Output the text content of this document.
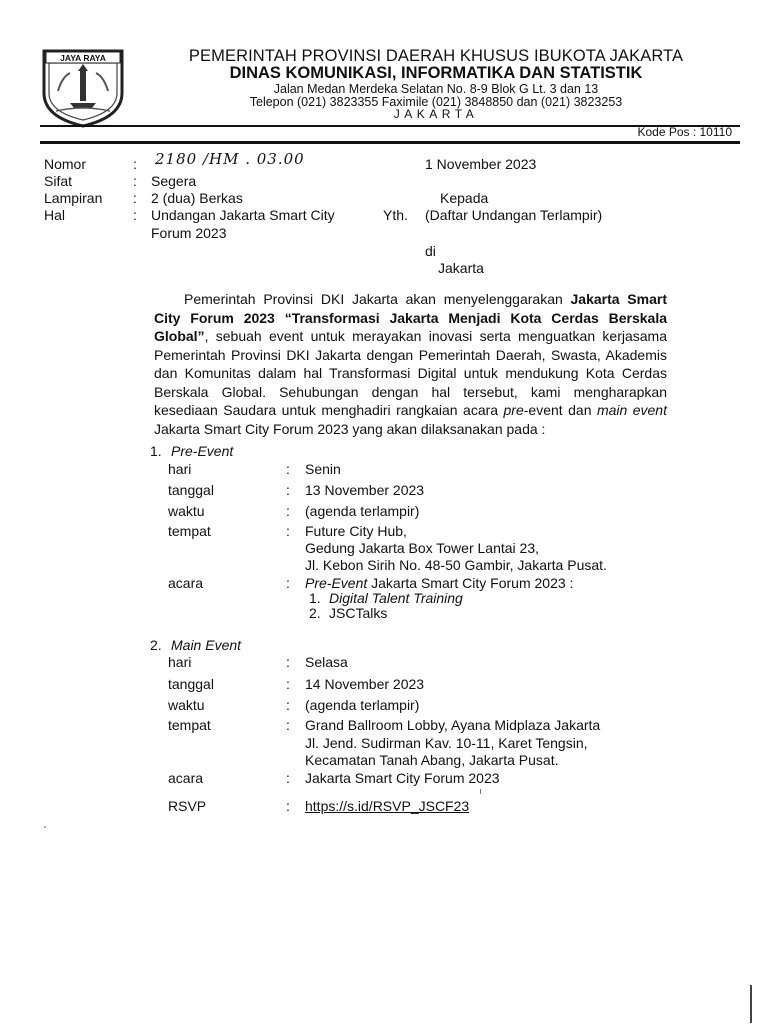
JAYA RAYA	PEMERINTAH PROVINSI DAERAH KHUSUS IBUKOTA JAKARTA
DINAS KOMUNIKASI, INFORMATIKA DAN STATISTIK
Jalan Medan Merdeka Selatan No. 8-9 Blok G Lt. 3 dan 13
Telepon (021) 3823355 Faximile (021) 3848850 dan (021) 3823253
JAKARTA
Kode Pos : 10110
Nomor	: 2180 /HM . 03.00
Sifat	: Segera
Lampiran : 2 (dua) Berkas
Hal	: Undangan Jakarta Smart City
Forum 2023
1 November 2023
Kepada
Yth. (Daftar Undangan Terlampir)
di
Jakarta
Pemerintah Provinsi DKI Jakarta akan menyelenggarakan Jakarta Smart City Forum 2023 “Transformasi Jakarta Menjadi Kota Cerdas Berskala Global”, sebuah event untuk merayakan inovasi serta menguatkan kerjasama Pemerintah Provinsi DKI Jakarta dengan Pemerintah Daerah, Swasta, Akademis dan Komunitas dalam hal Transformasi Digital untuk mendukung Kota Cerdas Berskala Global. Sehubungan dengan hal tersebut, kami mengharapkan kesediaan Saudara untuk menghadiri rangkaian acara pre-event dan main event Jakarta Smart City Forum 2023 yang akan dilaksanakan pada :
1. Pre-Event
hari	: Senin
tanggal	: 13 November 2023
waktu	: (agenda terlampir)
tempat	: Future City Hub,
Gedung Jakarta Box Tower Lantai 23,
Jl. Kebon Sirih No. 48-50 Gambir, Jakarta Pusat.
acara	: Pre-Event Jakarta Smart City Forum 2023 :
1. Digital Talent Training
2. JSCTalks
2. Main Event
hari	: Selasa
tanggal	: 14 November 2023
waktu	: (agenda terlampir)
tempat	: Grand Ballroom Lobby, Ayana Midplaza Jakarta
Jl. Jend. Sudirman Kav. 10-11, Karet Tengsin,
Kecamatan Tanah Abang, Jakarta Pusat.
acara	: Jakarta Smart City Forum 2023
RSVP	: https://s.id/RSVP_JSCF23
